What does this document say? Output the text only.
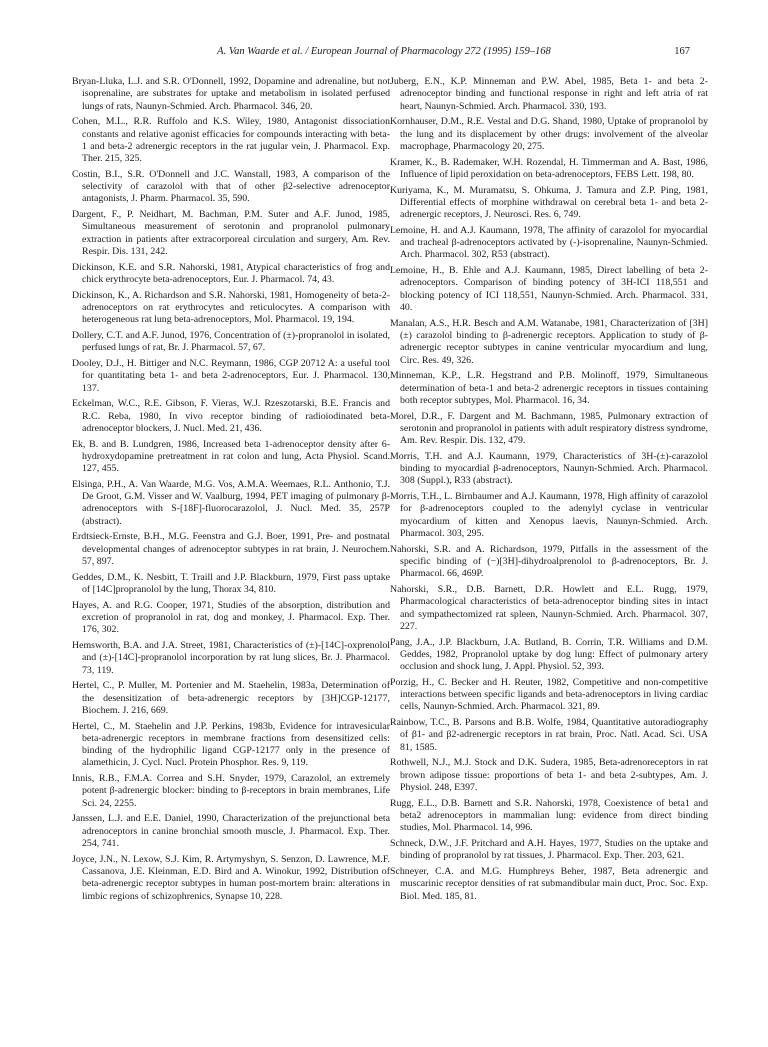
A. Van Waarde et al. / European Journal of Pharmacology 272 (1995) 159–168	167

Bryan-Lluka, L.J. and S.R. O'Donnell, 1992, Dopamine and adrenaline, but not isoprenaline, are substrates for uptake and metabolism in isolated perfused lungs of rats, Naunyn-Schmied. Arch. Pharmacol. 346, 20.

Cohen, M.L., R.R. Ruffolo and K.S. Wiley, 1980, Antagonist dissociation constants and relative agonist efficacies for compounds interacting with beta-1 and beta-2 adrenergic receptors in the rat jugular vein, J. Pharmacol. Exp. Ther. 215, 325.

Costin, B.I., S.R. O'Donnell and J.C. Wanstall, 1983, A comparison of the selectivity of carazolol with that of other β2-selective adrenoceptor antagonists, J. Pharm. Pharmacol. 35, 590.

Dargent, F., P. Neidhart, M. Bachman, P.M. Suter and A.F. Junod, 1985, Simultaneous measurement of serotonin and propranolol pulmonary extraction in patients after extracorporeal circulation and surgery, Am. Rev. Respir. Dis. 131, 242.

Dickinson, K.E. and S.R. Nahorski, 1981, Atypical characteristics of frog and chick erythrocyte beta-adrenoceptors, Eur. J. Pharmacol. 74, 43.

Dickinson, K., A. Richardson and S.R. Nahorski, 1981, Homogeneity of beta-2-adrenoceptors on rat erythrocytes and reticulocytes. A comparison with heterogeneous rat lung beta-adrenoceptors, Mol. Pharmacol. 19, 194.

Dollery, C.T. and A.F. Junod, 1976, Concentration of (±)-propranolol in isolated, perfused lungs of rat, Br. J. Pharmacol. 57, 67.

Dooley, D.J., H. Bittiger and N.C. Reymann, 1986, CGP 20712 A: a useful tool for quantitating beta 1- and beta 2-adrenoceptors, Eur. J. Pharmacol. 130, 137.

Eckelman, W.C., R.E. Gibson, F. Vieras, W.J. Rzeszotarski, B.E. Francis and R.C. Reba, 1980, In vivo receptor binding of radioiodinated beta-adrenoceptor blockers, J. Nucl. Med. 21, 436.

Ek, B. and B. Lundgren, 1986, Increased beta 1-adrenoceptor density after 6-hydroxydopamine pretreatment in rat colon and lung, Acta Physiol. Scand. 127, 455.

Elsinga, P.H., A. Van Waarde, M.G. Vos, A.M.A. Weemaes, R.L. Anthonio, T.J. De Groot, G.M. Visser and W. Vaalburg, 1994, PET imaging of pulmonary β-adrenoceptors with S-[18F]-fluorocarazolol, J. Nucl. Med. 35, 257P (abstract).

Erdtsieck-Ernste, B.H., M.G. Feenstra and G.J. Boer, 1991, Pre- and postnatal developmental changes of adrenoceptor subtypes in rat brain, J. Neurochem. 57, 897.

Geddes, D.M., K. Nesbitt, T. Traill and J.P. Blackburn, 1979, First pass uptake of [14C]propranolol by the lung, Thorax 34, 810.

Hayes, A. and R.G. Cooper, 1971, Studies of the absorption, distribution and excretion of propranolol in rat, dog and monkey, J. Pharmacol. Exp. Ther. 176, 302.

Hemsworth, B.A. and J.A. Street, 1981, Characteristics of (±)-[14C]-oxprenolol and (±)-[14C]-propranolol incorporation by rat lung slices, Br. J. Pharmacol. 73, 119.

Hertel, C., P. Muller, M. Portenier and M. Staehelin, 1983a, Determination of the desensitization of beta-adrenergic receptors by [3H]CGP-12177, Biochem. J. 216, 669.

Hertel, C., M. Staehelin and J.P. Perkins, 1983b, Evidence for intravesicular beta-adrenergic receptors in membrane fractions from desensitized cells: binding of the hydrophilic ligand CGP-12177 only in the presence of alamethicin, J. Cycl. Nucl. Protein Phosphor. Res. 9, 119.

Innis, R.B., F.M.A. Correa and S.H. Snyder, 1979, Carazolol, an extremely potent β-adrenergic blocker: binding to β-receptors in brain membranes, Life Sci. 24, 2255.

Janssen, L.J. and E.E. Daniel, 1990, Characterization of the prejunctional beta adrenoceptors in canine bronchial smooth muscle, J. Pharmacol. Exp. Ther. 254, 741.

Joyce, J.N., N. Lexow, S.J. Kim, R. Artymyshyn, S. Senzon, D. Lawrence, M.F. Cassanova, J.E. Kleinman, E.D. Bird and A. Winokur, 1992, Distribution of beta-adrenergic receptor subtypes in human post-mortem brain: alterations in limbic regions of schizophrenics, Synapse 10, 228.

Juberg, E.N., K.P. Minneman and P.W. Abel, 1985, Beta 1- and beta 2-adrenoceptor binding and functional response in right and left atria of rat heart, Naunyn-Schmied. Arch. Pharmacol. 330, 193.

Kornhauser, D.M., R.E. Vestal and D.G. Shand, 1980, Uptake of propranolol by the lung and its displacement by other drugs: involvement of the alveolar macrophage, Pharmacology 20, 275.

Kramer, K., B. Rademaker, W.H. Rozendal, H. Timmerman and A. Bast, 1986, Influence of lipid peroxidation on beta-adrenoceptors, FEBS Lett. 198, 80.

Kuriyama, K., M. Muramatsu, S. Ohkuma, J. Tamura and Z.P. Ping, 1981, Differential effects of morphine withdrawal on cerebral beta 1- and beta 2-adrenergic receptors, J. Neurosci. Res. 6, 749.

Lemoine, H. and A.J. Kaumann, 1978, The affinity of carazolol for myocardial and tracheal β-adrenoceptors activated by (-)-isoprenaline, Naunyn-Schmied. Arch. Pharmacol. 302, R53 (abstract).

Lemoine, H., B. Ehle and A.J. Kaumann, 1985, Direct labelling of beta 2-adrenoceptors. Comparison of binding potency of 3H-ICI 118,551 and blocking potency of ICI 118,551, Naunyn-Schmied. Arch. Pharmacol. 331, 40.

Manalan, A.S., H.R. Besch and A.M. Watanabe, 1981, Characterization of [3H] (±) carazolol binding to β-adrenergic receptors. Application to study of β-adrenergic receptor subtypes in canine ventricular myocardium and lung, Circ. Res. 49, 326.

Minneman, K.P., L.R. Hegstrand and P.B. Molinoff, 1979, Simultaneous determination of beta-1 and beta-2 adrenergic receptors in tissues containing both receptor subtypes, Mol. Pharmacol. 16, 34.

Morel, D.R., F. Dargent and M. Bachmann, 1985, Pulmonary extraction of serotonin and propranolol in patients with adult respiratory distress syndrome, Am. Rev. Respir. Dis. 132, 479.

Morris, T.H. and A.J. Kaumann, 1979, Characteristics of 3H-(±)-carazolol binding to myocardial β-adrenoceptors, Naunyn-Schmied. Arch. Pharmacol. 308 (Suppl.), R33 (abstract).

Morris, T.H., L. Birnbaumer and A.J. Kaumann, 1978, High affinity of carazolol for β-adrenoceptors coupled to the adenylyl cyclase in ventricular myocardium of kitten and Xenopus laevis, Naunyn-Schmied. Arch. Pharmacol. 303, 295.

Nahorski, S.R. and A. Richardson, 1979, Pitfalls in the assessment of the specific binding of (−)[3H]-dihydroalprenolol to β-adrenoceptors, Br. J. Pharmacol. 66, 469P.

Nahorski, S.R., D.B. Barnett, D.R. Howlett and E.L. Rugg, 1979, Pharmacological characteristics of beta-adrenoceptor binding sites in intact and sympathectomized rat spleen, Naunyn-Schmied. Arch. Pharmacol. 307, 227.

Pang, J.A., J.P. Blackburn, J.A. Butland, B. Corrin, T.R. Williams and D.M. Geddes, 1982, Propranolol uptake by dog lung: Effect of pulmonary artery occlusion and shock lung, J. Appl. Physiol. 52, 393.

Porzig, H., C. Becker and H. Reuter, 1982, Competitive and non-competitive interactions between specific ligands and beta-adrenoceptors in living cardiac cells, Naunyn-Schmied. Arch. Pharmacol. 321, 89.

Rainbow, T.C., B. Parsons and B.B. Wolfe, 1984, Quantitative autoradiography of β1- and β2-adrenergic receptors in rat brain, Proc. Natl. Acad. Sci. USA 81, 1585.

Rothwell, N.J., M.J. Stock and D.K. Sudera, 1985, Beta-adrenoreceptors in rat brown adipose tissue: proportions of beta 1- and beta 2-subtypes, Am. J. Physiol. 248, E397.

Rugg, E.L., D.B. Barnett and S.R. Nahorski, 1978, Coexistence of beta1 and beta2 adrenoceptors in mammalian lung: evidence from direct binding studies, Mol. Pharmacol. 14, 996.

Schneck, D.W., J.F. Pritchard and A.H. Hayes, 1977, Studies on the uptake and binding of propranolol by rat tissues, J. Pharmacol. Exp. Ther. 203, 621.

Schneyer, C.A. and M.G. Humphreys Beher, 1987, Beta adrenergic and muscarinic receptor densities of rat submandibular main duct, Proc. Soc. Exp. Biol. Med. 185, 81.
